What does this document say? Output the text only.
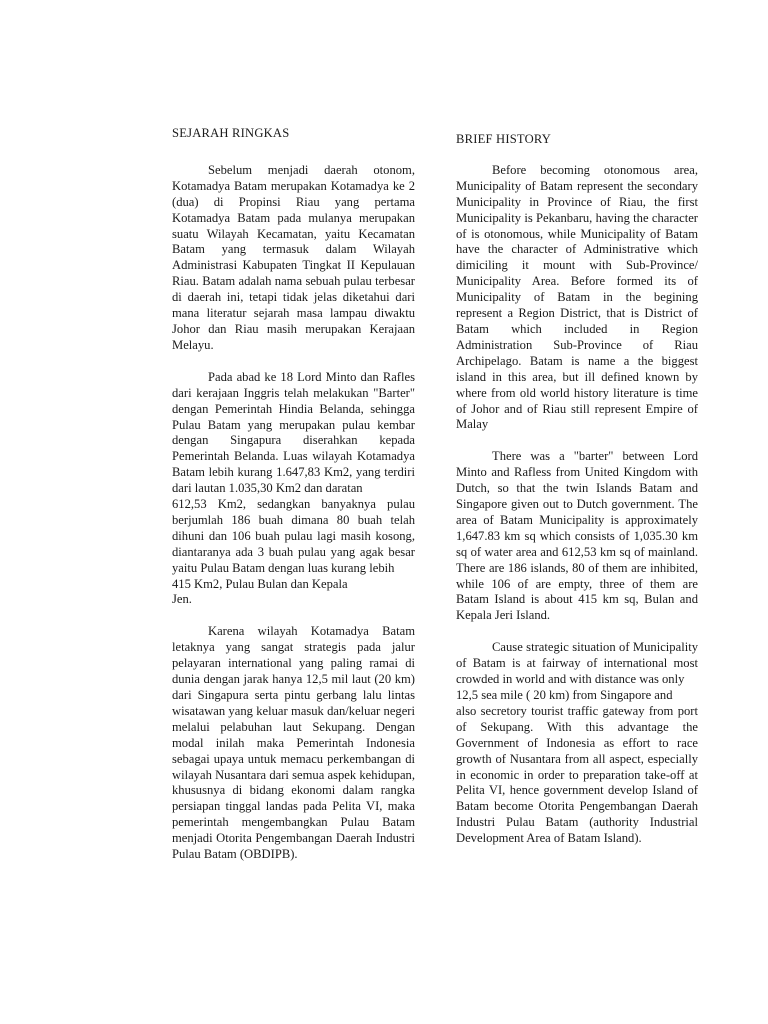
SEJARAH RINGKAS

Sebelum menjadi daerah otonom, Kotamadya Batam merupakan Kotamadya ke 2 (dua) di Propinsi Riau yang pertama Kotamadya Batam pada mulanya merupakan suatu Wilayah Kecamatan, yaitu Kecamatan Batam yang termasuk dalam Wilayah Administrasi Kabupaten Tingkat II Kepulauan Riau. Batam adalah nama sebuah pulau terbesar di daerah ini, tetapi tidak jelas diketahui dari mana literatur sejarah masa lampau diwaktu Johor dan Riau masih merupakan Kerajaan Melayu.

Pada abad ke 18 Lord Minto dan Rafles dari kerajaan Inggris telah melakukan "Barter" dengan Pemerintah Hindia Belanda, sehingga Pulau Batam yang merupakan pulau kembar dengan Singapura diserahkan kepada Pemerintah Belanda. Luas wilayah Kotamadya Batam lebih kurang 1.647,83 Km2, yang terdiri dari lautan 1.035,30 Km2 dan daratan

612,53 Km2, sedangkan banyaknya pulau berjumlah 186 buah dimana 80 buah telah dihuni dan 106 buah pulau lagi masih kosong, diantaranya ada 3 buah pulau yang agak besar yaitu Pulau Batam dengan luas kurang lebih

415 Km2, Pulau Bulan dan Kepala
Jen.

Karena wilayah Kotamadya Batam letaknya yang sangat strategis pada jalur pelayaran international yang paling ramai di dunia dengan jarak hanya 12,5 mil laut (20 km) dari Singapura serta pintu gerbang lalu lintas wisatawan yang keluar masuk dan/keluar negeri melalui pelabuhan laut Sekupang. Dengan modal inilah maka Pemerintah Indonesia sebagai upaya untuk memacu perkembangan di wilayah Nusantara dari semua aspek kehidupan, khususnya di bidang ekonomi dalam rangka persiapan tinggal landas pada Pelita VI, maka pemerintah mengembangkan Pulau Batam menjadi Otorita Pengembangan Daerah Industri Pulau Batam (OBDIPB).

BRIEF HISTORY

Before becoming otonomous area, Municipality of Batam represent the secondary Municipality in Province of Riau, the first Municipality is Pekanbaru, having the character of is otonomous, while Municipality of Batam have the character of Administrative which dimiciling it mount with Sub-Province/ Municipality Area. Before formed its of Municipality of Batam in the begining represent a Region District, that is District of Batam which included in Region Administration Sub-Province of Riau Archipelago. Batam is name a the biggest island in this area, but ill defined known by where from old world history literature is time of Johor and of Riau still represent Empire of Malay

There was a "barter" between Lord Minto and Rafless from United Kingdom with Dutch, so that the twin Islands Batam and Singapore given out to Dutch government. The area of Batam Municipality is approximately 1,647.83 km sq which consists of 1,035.30 km sq of water area and 612,53 km sq of mainland. There are 186 islands, 80 of them are inhibited, while 106 of are empty, three of them are Batam Island is about 415 km sq, Bulan and Kepala Jeri Island.

Cause strategic situation of Municipality of Batam is at fairway of international most crowded in world and with distance was only

12,5 sea mile ( 20 km) from Singapore and

also secretory tourist traffic gateway from port of Sekupang. With this advantage the Government of Indonesia as effort to race growth of Nusantara from all aspect, especially in economic in order to preparation take-off at Pelita VI, hence government develop Island of Batam become Otorita Pengembangan Daerah Industri Pulau Batam (authority Industrial Development Area of Batam Island).
